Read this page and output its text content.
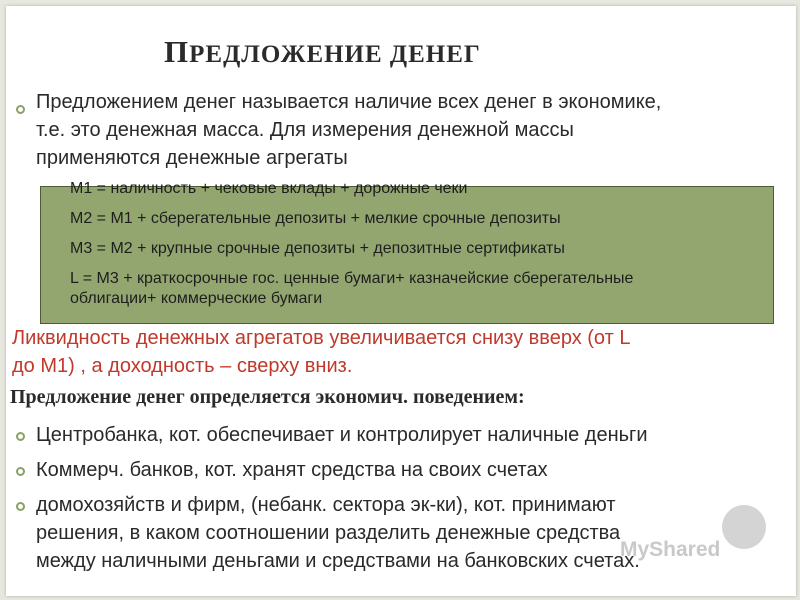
ПРЕДЛОЖЕНИЕ ДЕНЕГ
Предложением денег называется наличие всех денег в экономике,
т.е. это денежная масса. Для измерения денежной массы
применяются денежные агрегаты
М1 = наличность + чековые вклады + дорожные чеки
М2 = М1 + сберегательные депозиты + мелкие срочные депозиты
М3 = М2 + крупные срочные депозиты + депозитные сертификаты
L = М3 + краткосрочные гос. ценные бумаги+ казначейские сберегательные
облигации+ коммерческие бумаги
Ликвидность денежных агрегатов увеличивается снизу вверх (от L
до М1) , а доходность – сверху вниз.
Предложение денег определяется экономич. поведением:
Центробанка, кот. обеспечивает и контролирует наличные деньги
Коммерч. банков, кот. хранят средства на своих счетах
домохозяйств и фирм, (небанк. сектора эк-ки), кот. принимают
решения, в каком соотношении разделить денежные средства
между наличными деньгами и средствами на банковских счетах.
MyShared
